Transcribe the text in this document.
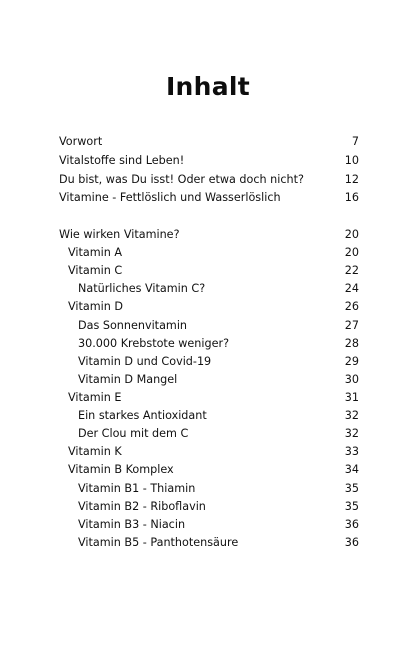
Inhalt
Vorwort	7
Vitalstoffe sind Leben!	10
Du bist, was Du isst! Oder etwa doch nicht?	12
Vitamine - Fettlöslich und Wasserlöslich	16
Wie wirken Vitamine?	20
Vitamin A	20
Vitamin C	22
Natürliches Vitamin C?	24
Vitamin D	26
Das Sonnenvitamin	27
30.000 Krebstote weniger?	28
Vitamin D und Covid-19	29
Vitamin D Mangel	30
Vitamin E	31
Ein starkes Antioxidant	32
Der Clou mit dem C	32
Vitamin K	33
Vitamin B Komplex	34
Vitamin B1 - Thiamin	35
Vitamin B2 - Riboflavin	35
Vitamin B3 - Niacin	36
Vitamin B5 - Panthotensäure	36
